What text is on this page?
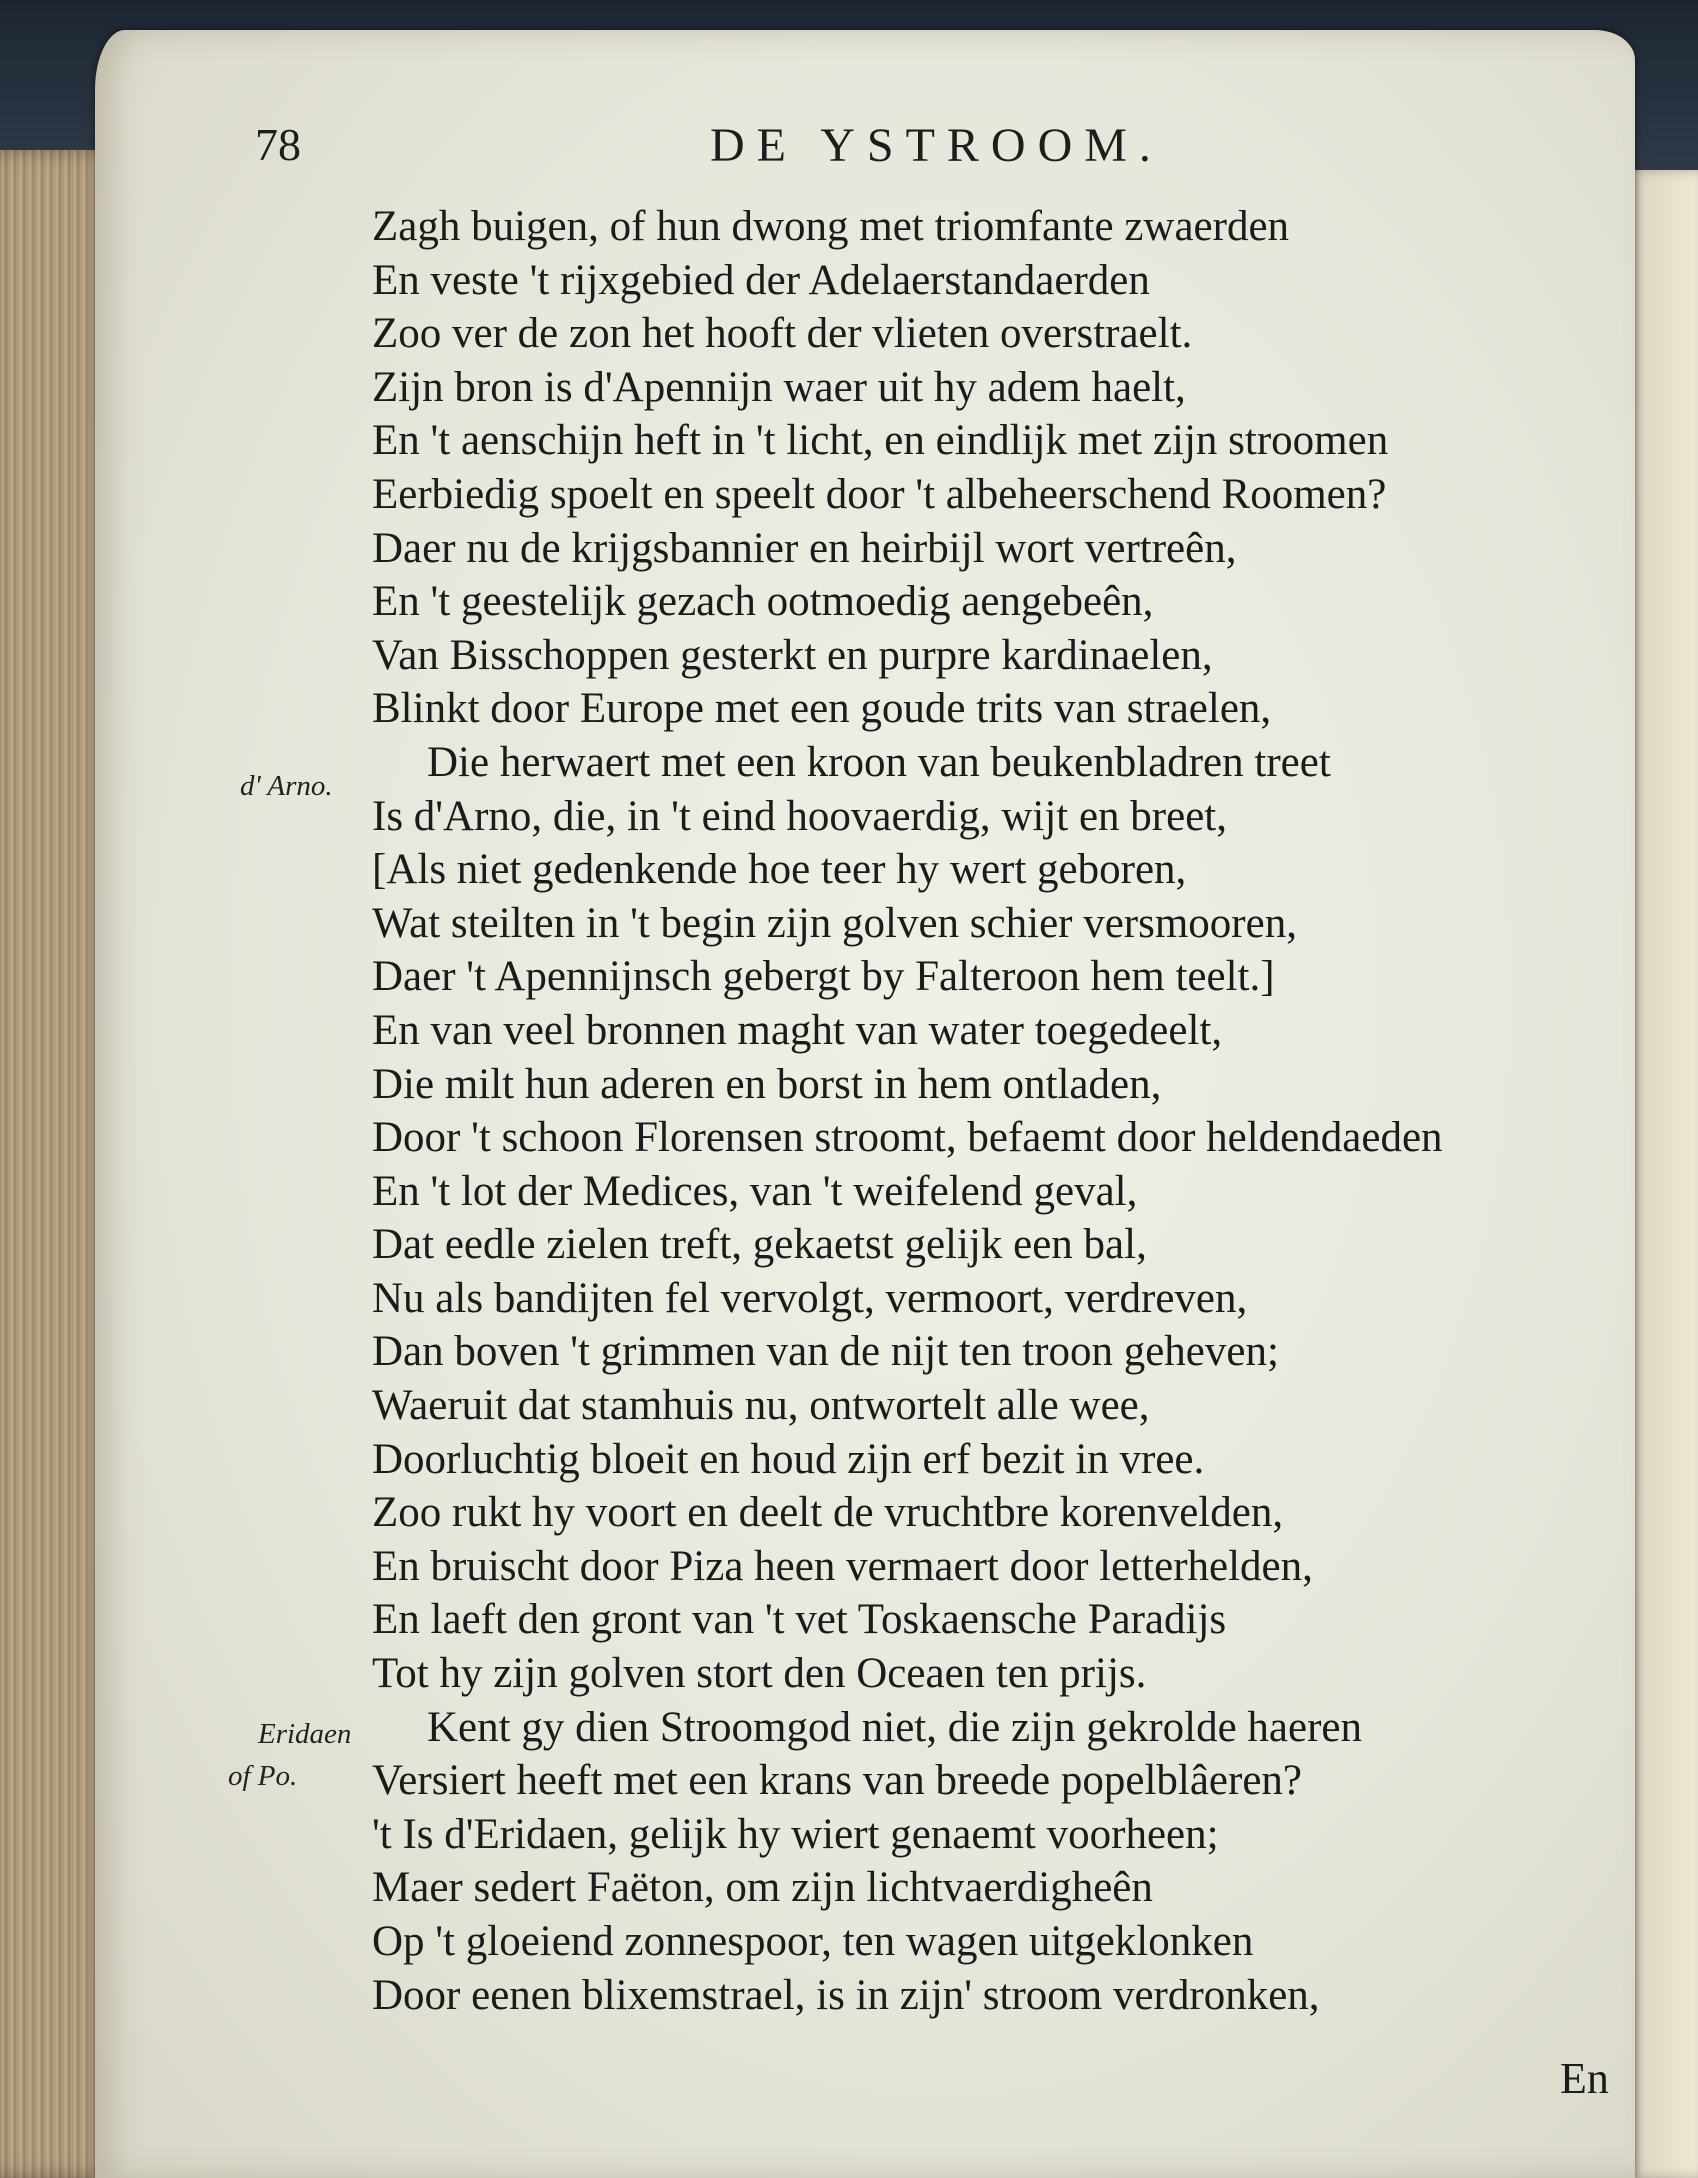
78	DE YSTROOM.
Zagh buigen, of hun dwong met triomfante zwaerden
En veste 't rijxgebied der Adelaerstandaerden
Zoo ver de zon het hooft der vlieten overstraelt.
Zijn bron is d'Apennijn waer uit hy adem haelt,
En 't aenschijn heft in 't licht, en eindlijk met zijn stroomen
Eerbiedig spoelt en speelt door 't albeheerschend Roomen?
Daer nu de krijgsbannier en heirbijl wort vertreên,
En 't geestelijk gezach ootmoedig aengebeên,
Van Bisschoppen gesterkt en purpre kardinaelen,
Blinkt door Europe met een goude trits van straelen,
Die herwaert met een kroon van beukenbladren treet
Is d'Arno, die, in 't eind hoovaerdig, wijt en breet,
[Als niet gedenkende hoe teer hy wert geboren,
Wat steilten in 't begin zijn golven schier versmooren,
Daer 't Apennijnsch gebergt by Falteroon hem teelt.]
En van veel bronnen maght van water toegedeelt,
Die milt hun aderen en borst in hem ontladen,
Door 't schoon Florensen stroomt, befaemt door heldendaeden
En 't lot der Medices, van 't weifelend geval,
Dat eedle zielen treft, gekaetst gelijk een bal,
Nu als bandijten fel vervolgt, vermoort, verdreven,
Dan boven 't grimmen van de nijt ten troon geheven;
Waeruit dat stamhuis nu, ontwortelt alle wee,
Doorluchtig bloeit en houd zijn erf bezit in vree.
Zoo rukt hy voort en deelt de vruchtbre korenvelden,
En bruischt door Piza heen vermaert door letterhelden,
En laeft den gront van 't vet Toskaensche Paradijs
Tot hy zijn golven stort den Oceaen ten prijs.
Kent gy dien Stroomgod niet, die zijn gekrolde haeren
Versiert heeft met een krans van breede popelblâeren?
't Is d'Eridaen, gelijk hy wiert genaemt voorheen;
Maer sedert Faëton, om zijn lichtvaerdigheên
Op 't gloeiend zonnespoor, ten wagen uitgeklonken
Door eenen blixemstrael, is in zijn' stroom verdronken,
d' Arno.
Eridaen
of Po.
En
